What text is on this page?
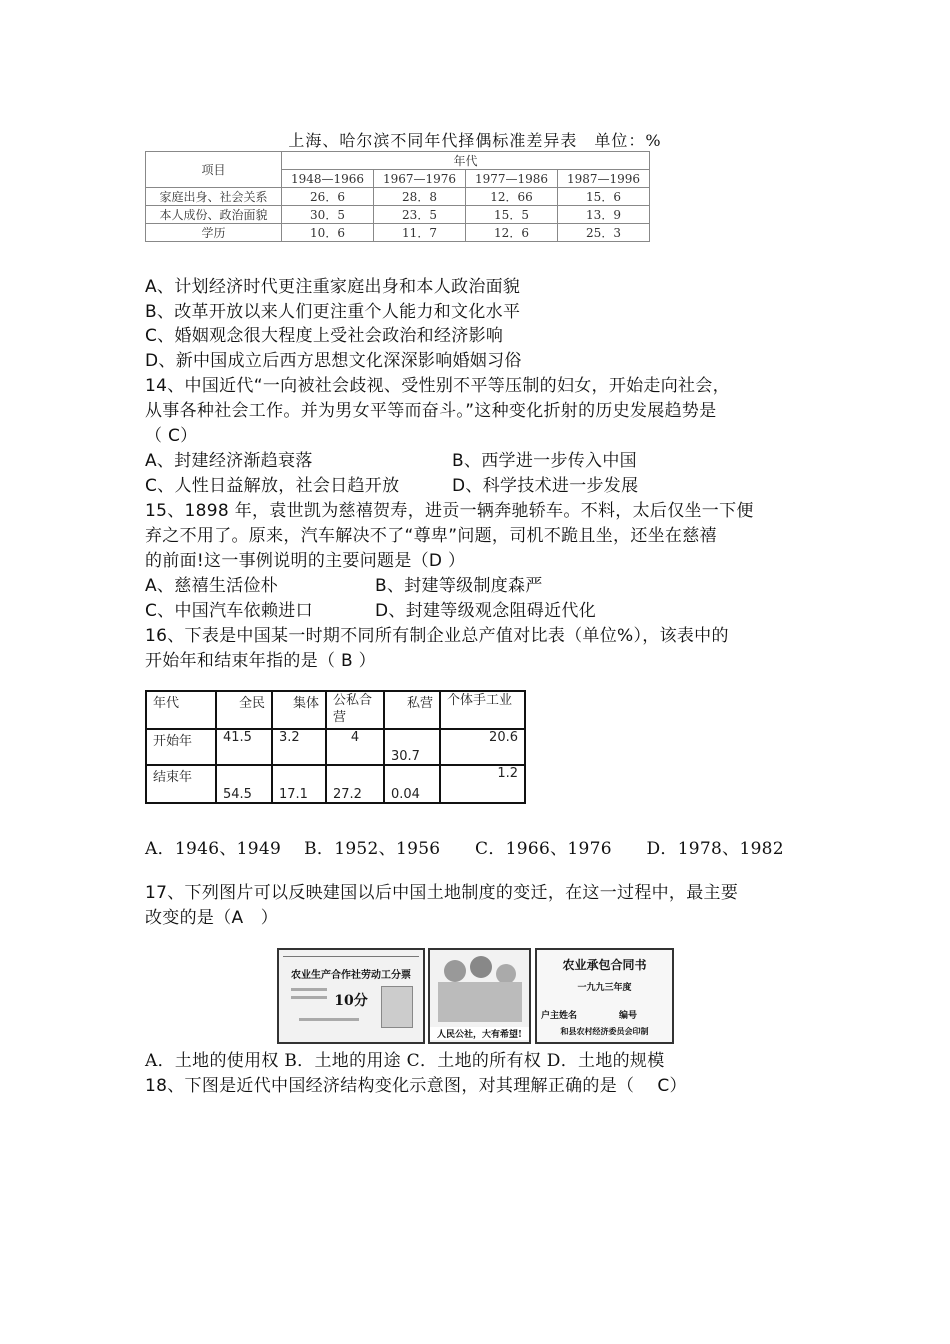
上海、哈尔滨不同年代择偶标准差异表　单位：%
项目	年代			
	1948—1966	1967—1976	1977—1986	1987—1996
家庭出身、社会关系	26．6	28．8	12．66	15．6
本人成份、政治面貌	30．5	23．5	15．5	13．9
学历	10．6	11．7	12．6	25．3
A、计划经济时代更注重家庭出身和本人政治面貌
B、改革开放以来人们更注重个人能力和文化水平
C、婚姻观念很大程度上受社会政治和经济影响
D、新中国成立后西方思想文化深深影响婚姻习俗
14、中国近代“一向被社会歧视、受性别不平等压制的妇女，开始走向社会，
从事各种社会工作。并为男女平等而奋斗。”这种变化折射的历史发展趋势是
（ C）
A、封建经济渐趋衰落	B、西学进一步传入中国
C、人性日益解放，社会日趋开放	D、科学技术进一步发展
15、1898 年，袁世凯为慈禧贺寿，进贡一辆奔驰轿车。不料，太后仅坐一下便
弃之不用了。原来，汽车解决不了“尊卑”问题，司机不跪且坐，还坐在慈禧
的前面!这一事例说明的主要问题是（D ）
A、慈禧生活俭朴	B、封建等级制度森严
C、中国汽车依赖进口	D、封建等级观念阻碍近代化
16、下表是中国某一时期不同所有制企业总产值对比表（单位%），该表中的
开始年和结束年指的是（ B ）
年代	全民	集体	公私合营	私营	个体手工业
开始年	41.5	3.2	4	30.7	20.6
结束年	54.5	17.1	27.2	0.04	1.2
A．1946、1949　 B．1952、1956　　C．1966、1976　　D．1978、1982
17、下列图片可以反映建国以后中国土地制度的变迁，在这一过程中，最主要
改变的是（A　）
农业生产合作社劳动工分票
10分
人民公社，大有希望!
农业承包合同书
一九九三年度
户主姓名	编号
和县农村经济委员会印制
A．土地的使用权 B．土地的用途 C．土地的所有权 D．土地的规模
18、下图是近代中国经济结构变化示意图，对其理解正确的是（　 C）
